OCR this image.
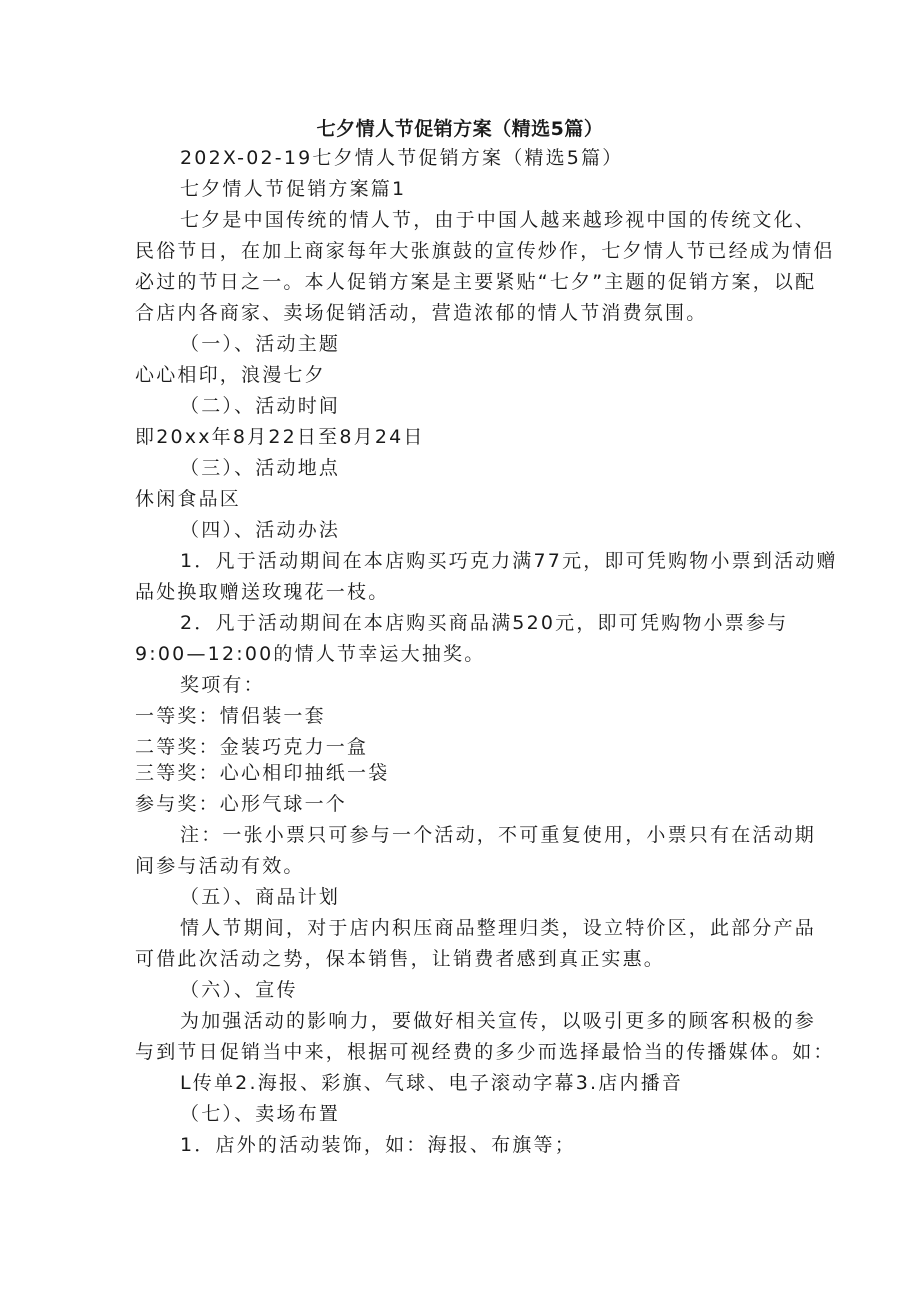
七夕情人节促销方案（精选5篇）
202X-02-19七夕情人节促销方案（精选5篇）
七夕情人节促销方案篇1
七夕是中国传统的情人节，由于中国人越来越珍视中国的传统文化、
民俗节日，在加上商家每年大张旗鼓的宣传炒作，七夕情人节已经成为情侣
必过的节日之一。本人促销方案是主要紧贴“七夕”主题的促销方案，以配
合店内各商家、卖场促销活动，营造浓郁的情人节消费氛围。
（一）、活动主题
心心相印，浪漫七夕
（二）、活动时间
即20xx年8月22日至8月24日
（三）、活动地点
休闲食品区
（四）、活动办法
1．凡于活动期间在本店购买巧克力满77元，即可凭购物小票到活动赠
品处换取赠送玫瑰花一枝。
2．凡于活动期间在本店购买商品满520元，即可凭购物小票参与
9:00—12:00的情人节幸运大抽奖。
奖项有：
一等奖：情侣装一套
二等奖：金装巧克力一盒
三等奖：心心相印抽纸一袋
参与奖：心形气球一个
注：一张小票只可参与一个活动，不可重复使用，小票只有在活动期
间参与活动有效。
（五）、商品计划
情人节期间，对于店内积压商品整理归类，设立特价区，此部分产品
可借此次活动之势，保本销售，让销费者感到真正实惠。
（六）、宣传
为加强活动的影响力，要做好相关宣传，以吸引更多的顾客积极的参
与到节日促销当中来，根据可视经费的多少而选择最恰当的传播媒体。如：
L传单2.海报、彩旗、气球、电子滚动字幕3.店内播音
（七）、卖场布置
1．店外的活动装饰，如：海报、布旗等；
